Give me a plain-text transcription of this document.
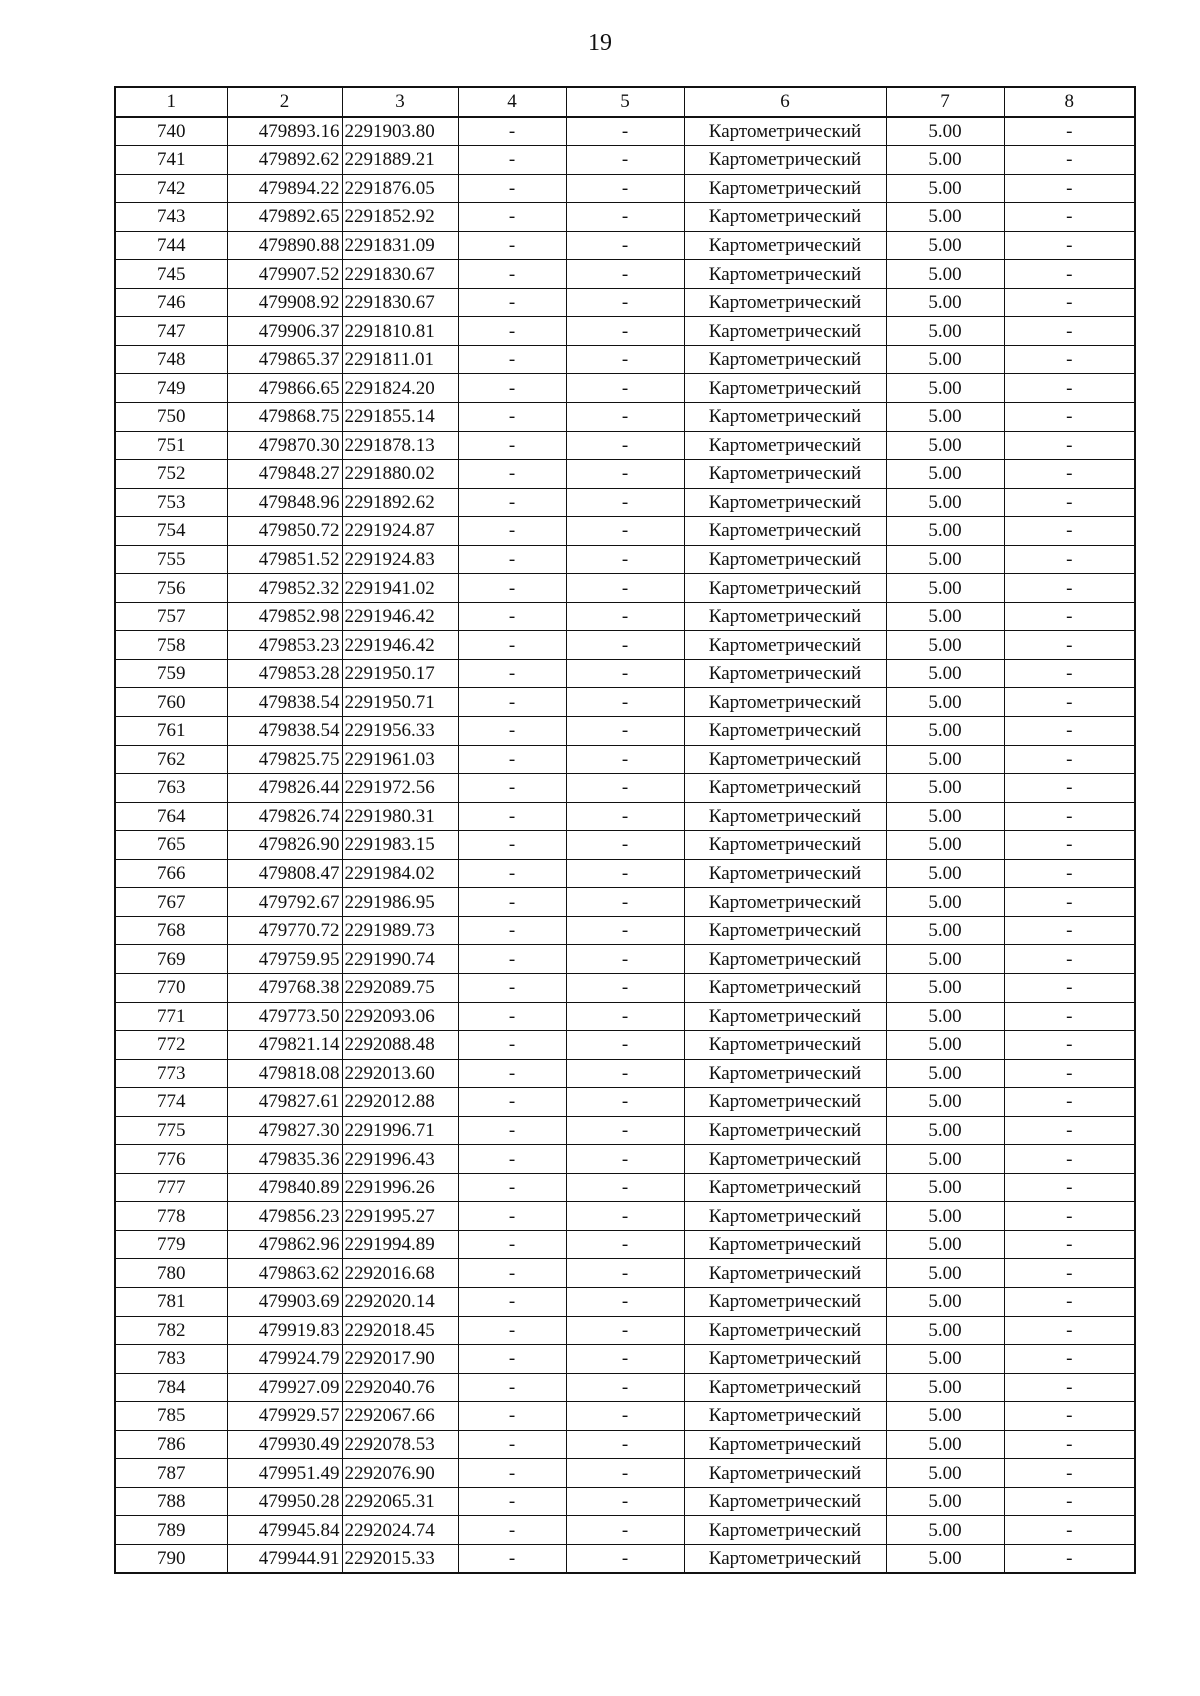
19
1	2	3	4	5	6	7	8
740	479893.16	2291903.80	-	-	Картометрический	5.00	-
741	479892.62	2291889.21	-	-	Картометрический	5.00	-
742	479894.22	2291876.05	-	-	Картометрический	5.00	-
743	479892.65	2291852.92	-	-	Картометрический	5.00	-
744	479890.88	2291831.09	-	-	Картометрический	5.00	-
745	479907.52	2291830.67	-	-	Картометрический	5.00	-
746	479908.92	2291830.67	-	-	Картометрический	5.00	-
747	479906.37	2291810.81	-	-	Картометрический	5.00	-
748	479865.37	2291811.01	-	-	Картометрический	5.00	-
749	479866.65	2291824.20	-	-	Картометрический	5.00	-
750	479868.75	2291855.14	-	-	Картометрический	5.00	-
751	479870.30	2291878.13	-	-	Картометрический	5.00	-
752	479848.27	2291880.02	-	-	Картометрический	5.00	-
753	479848.96	2291892.62	-	-	Картометрический	5.00	-
754	479850.72	2291924.87	-	-	Картометрический	5.00	-
755	479851.52	2291924.83	-	-	Картометрический	5.00	-
756	479852.32	2291941.02	-	-	Картометрический	5.00	-
757	479852.98	2291946.42	-	-	Картометрический	5.00	-
758	479853.23	2291946.42	-	-	Картометрический	5.00	-
759	479853.28	2291950.17	-	-	Картометрический	5.00	-
760	479838.54	2291950.71	-	-	Картометрический	5.00	-
761	479838.54	2291956.33	-	-	Картометрический	5.00	-
762	479825.75	2291961.03	-	-	Картометрический	5.00	-
763	479826.44	2291972.56	-	-	Картометрический	5.00	-
764	479826.74	2291980.31	-	-	Картометрический	5.00	-
765	479826.90	2291983.15	-	-	Картометрический	5.00	-
766	479808.47	2291984.02	-	-	Картометрический	5.00	-
767	479792.67	2291986.95	-	-	Картометрический	5.00	-
768	479770.72	2291989.73	-	-	Картометрический	5.00	-
769	479759.95	2291990.74	-	-	Картометрический	5.00	-
770	479768.38	2292089.75	-	-	Картометрический	5.00	-
771	479773.50	2292093.06	-	-	Картометрический	5.00	-
772	479821.14	2292088.48	-	-	Картометрический	5.00	-
773	479818.08	2292013.60	-	-	Картометрический	5.00	-
774	479827.61	2292012.88	-	-	Картометрический	5.00	-
775	479827.30	2291996.71	-	-	Картометрический	5.00	-
776	479835.36	2291996.43	-	-	Картометрический	5.00	-
777	479840.89	2291996.26	-	-	Картометрический	5.00	-
778	479856.23	2291995.27	-	-	Картометрический	5.00	-
779	479862.96	2291994.89	-	-	Картометрический	5.00	-
780	479863.62	2292016.68	-	-	Картометрический	5.00	-
781	479903.69	2292020.14	-	-	Картометрический	5.00	-
782	479919.83	2292018.45	-	-	Картометрический	5.00	-
783	479924.79	2292017.90	-	-	Картометрический	5.00	-
784	479927.09	2292040.76	-	-	Картометрический	5.00	-
785	479929.57	2292067.66	-	-	Картометрический	5.00	-
786	479930.49	2292078.53	-	-	Картометрический	5.00	-
787	479951.49	2292076.90	-	-	Картометрический	5.00	-
788	479950.28	2292065.31	-	-	Картометрический	5.00	-
789	479945.84	2292024.74	-	-	Картометрический	5.00	-
790	479944.91	2292015.33	-	-	Картометрический	5.00	-
